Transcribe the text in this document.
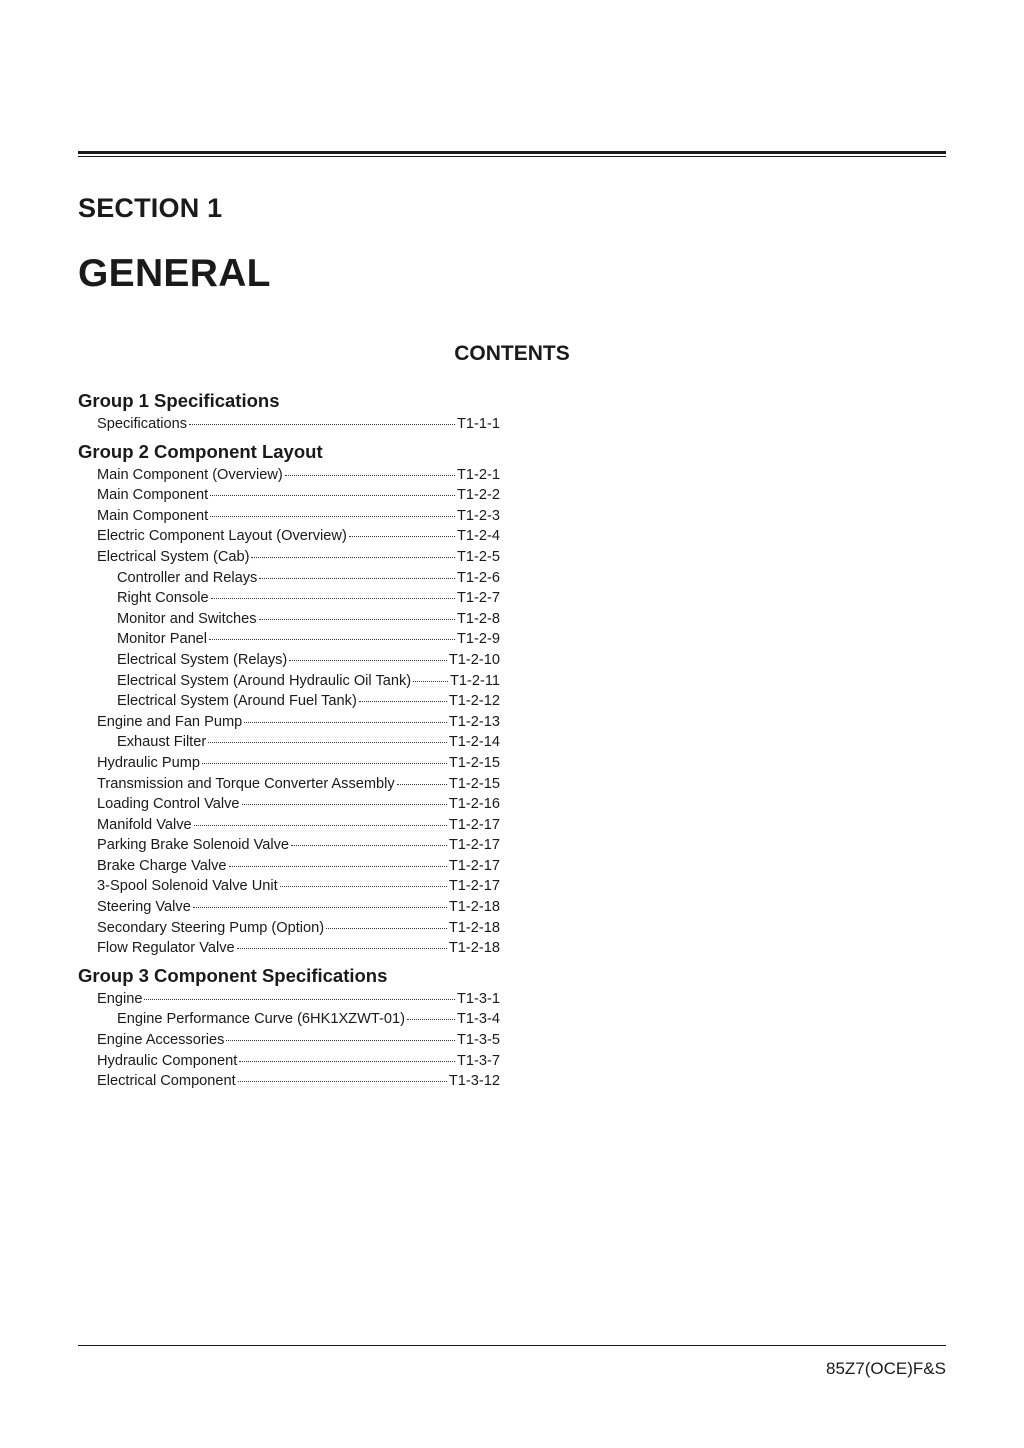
SECTION 1
GENERAL
CONTENTS
Group 1 Specifications
Specifications	T1-1-1
Group 2 Component Layout
Main Component (Overview)	T1-2-1
Main Component	T1-2-2
Main Component	T1-2-3
Electric Component Layout (Overview)	T1-2-4
Electrical System (Cab)	T1-2-5
Controller and Relays	T1-2-6
Right Console	T1-2-7
Monitor and Switches	T1-2-8
Monitor Panel	T1-2-9
Electrical System (Relays)	T1-2-10
Electrical System (Around Hydraulic Oil Tank)	T1-2-11
Electrical System (Around Fuel Tank)	T1-2-12
Engine and Fan Pump	T1-2-13
Exhaust Filter	T1-2-14
Hydraulic Pump	T1-2-15
Transmission and Torque Converter Assembly	T1-2-15
Loading Control Valve	T1-2-16
Manifold Valve	T1-2-17
Parking Brake Solenoid Valve	T1-2-17
Brake Charge Valve	T1-2-17
3-Spool Solenoid Valve Unit	T1-2-17
Steering Valve	T1-2-18
Secondary Steering Pump (Option)	T1-2-18
Flow Regulator Valve	T1-2-18
Group 3 Component Specifications
Engine	T1-3-1
Engine Performance Curve (6HK1XZWT-01)	T1-3-4
Engine Accessories	T1-3-5
Hydraulic Component	T1-3-7
Electrical Component	T1-3-12

85Z7(OCE)F&S
